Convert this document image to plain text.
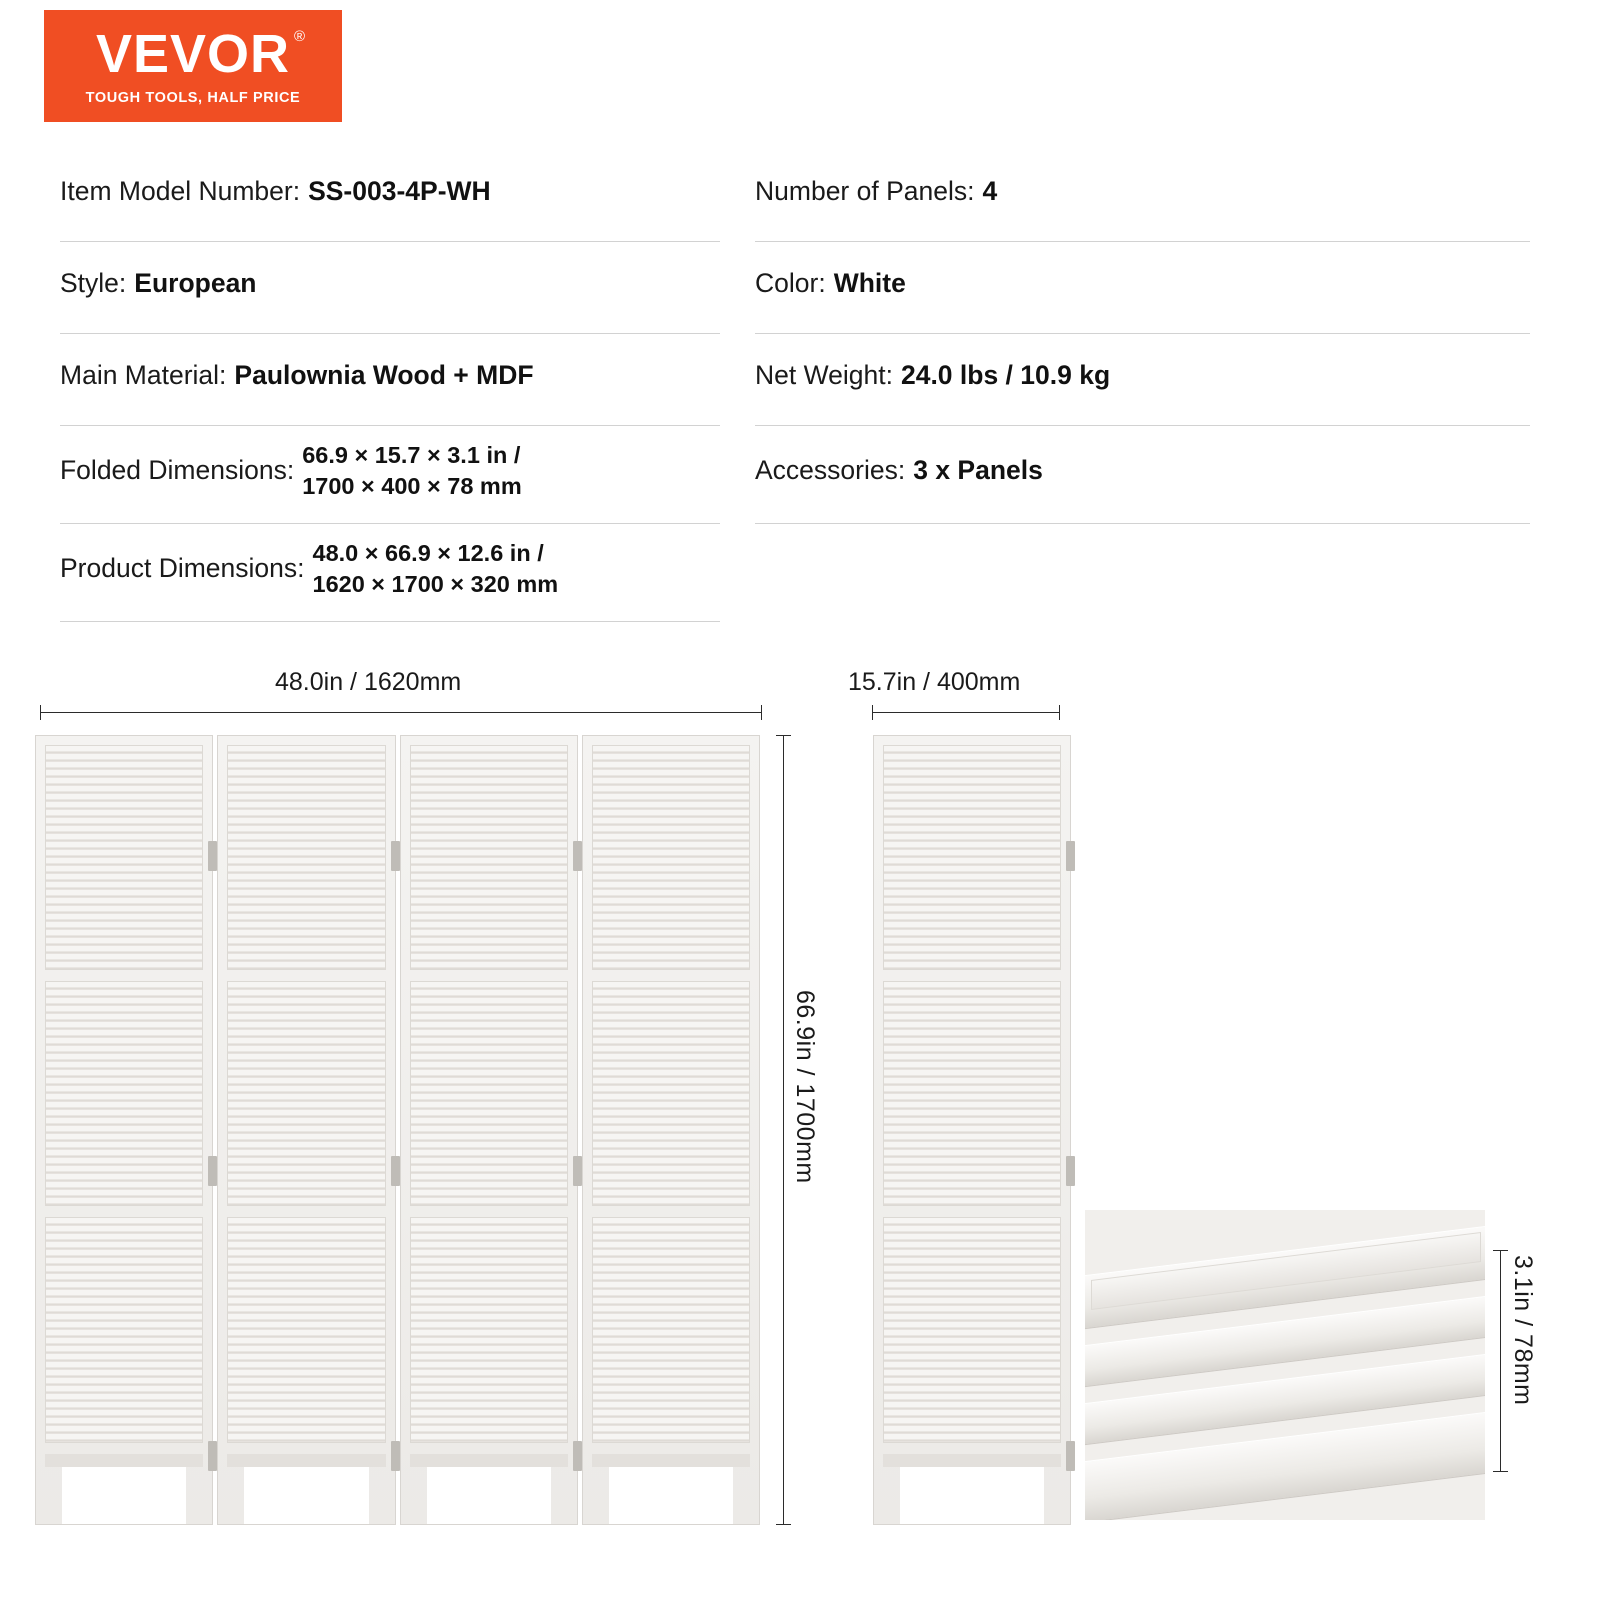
VEVOR ®
TOUGH TOOLS, HALF PRICE
Item Model Number: SS-003-4P-WH
Style: European
Main Material: Paulownia Wood + MDF
Folded Dimensions: 66.9 × 15.7 × 3.1 in /
1700 × 400 × 78 mm
Product Dimensions: 48.0 × 66.9 × 12.6 in /
1620 × 1700 × 320 mm
Number of Panels: 4
Color: White
Net Weight: 24.0 lbs / 10.9 kg
Accessories: 3 x Panels
48.0in / 1620mm	15.7in / 400mm
66.9in / 1700mm
3.1in / 78mm
